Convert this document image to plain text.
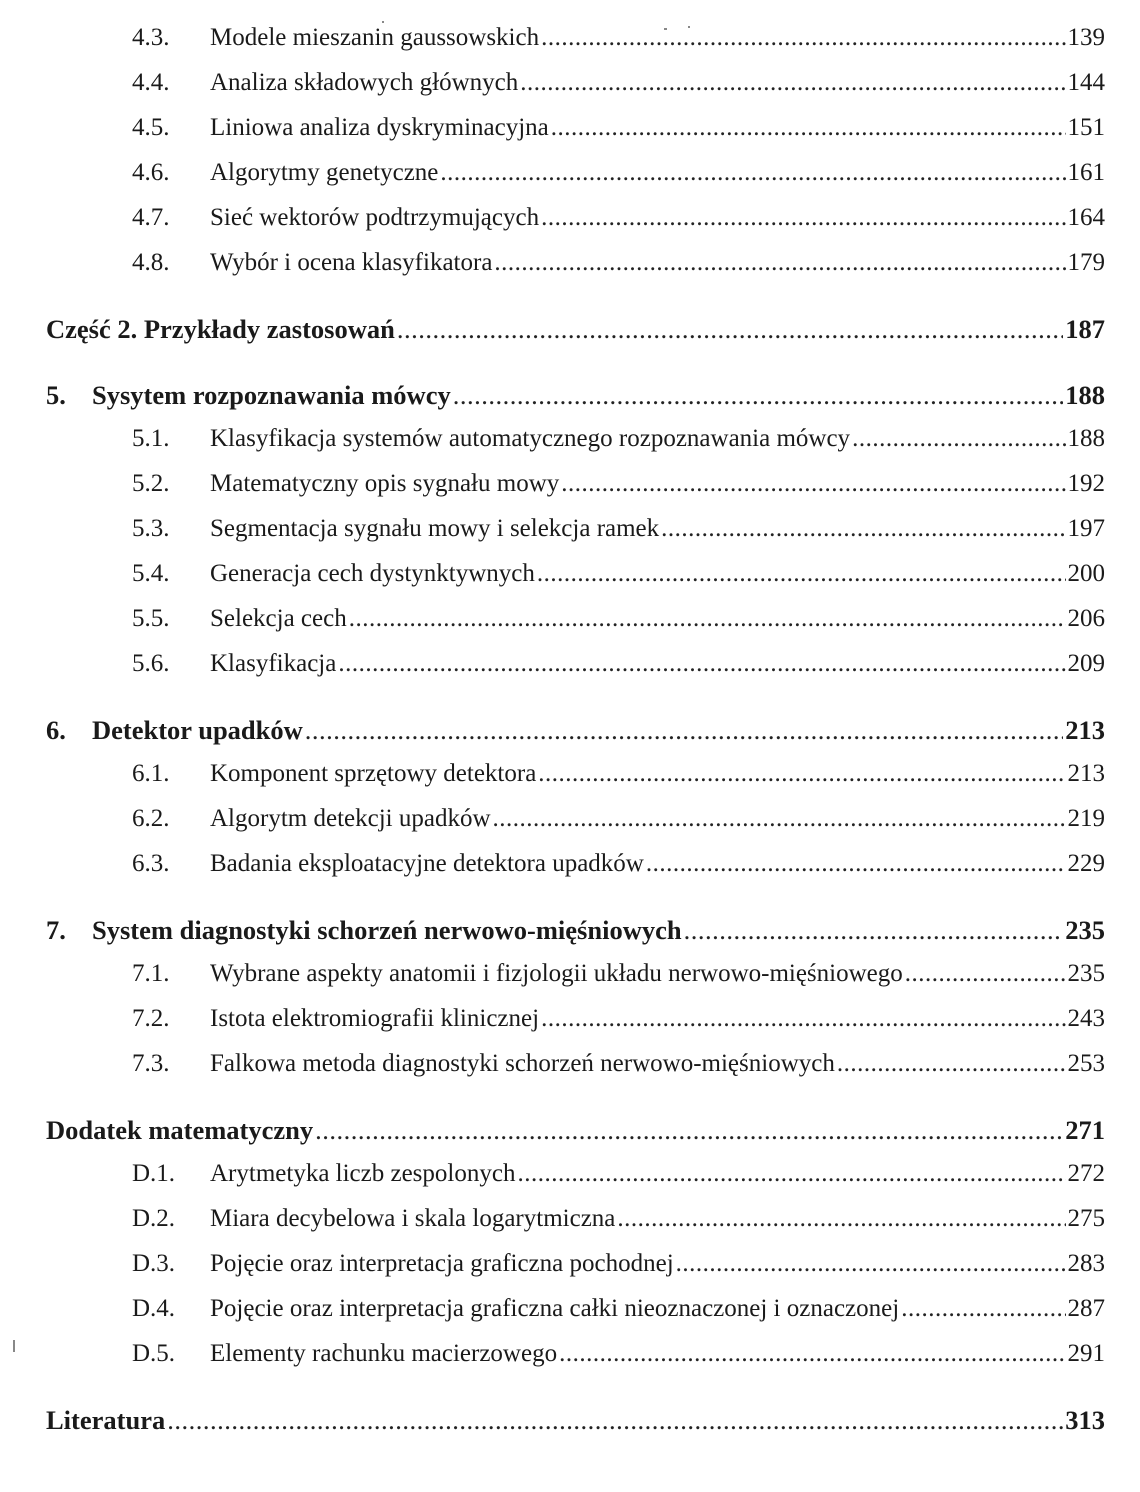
4.3.	Modele mieszanin gaussowskich .....	139
4.4.	Analiza składowych głównych .....	144
4.5.	Liniowa analiza dyskryminacyjna .....	151
4.6.	Algorytmy genetyczne .....	161
4.7.	Sieć wektorów podtrzymujących .....	164
4.8.	Wybór i ocena klasyfikatora .....	179
Część 2. Przykłady zastosowań .....	187
5. Sysytem rozpoznawania mówcy .....	188
5.1.	Klasyfikacja systemów automatycznego rozpoznawania mówcy .....	188
5.2.	Matematyczny opis sygnału mowy .....	192
5.3.	Segmentacja sygnału mowy i selekcja ramek .....	197
5.4.	Generacja cech dystynktywnych .....	200
5.5.	Selekcja cech .....	206
5.6.	Klasyfikacja .....	209
6. Detektor upadków .....	213
6.1.	Komponent sprzętowy detektora .....	213
6.2.	Algorytm detekcji upadków .....	219
6.3.	Badania eksploatacyjne detektora upadków .....	229
7. System diagnostyki schorzeń nerwowo-mięśniowych .....	235
7.1.	Wybrane aspekty anatomii i fizjologii układu nerwowo-mięśniowego .....	235
7.2.	Istota elektromiografii klinicznej .....	243
7.3.	Falkowa metoda diagnostyki schorzeń nerwowo-mięśniowych .....	253
Dodatek matematyczny .....	271
D.1.	Arytmetyka liczb zespolonych .....	272
D.2.	Miara decybelowa i skala logarytmiczna .....	275
D.3.	Pojęcie oraz interpretacja graficzna pochodnej .....	283
D.4.	Pojęcie oraz interpretacja graficzna całki nieoznaczonej i oznaczonej .....	287
D.5.	Elementy rachunku macierzowego .....	291
Literatura .....	313
